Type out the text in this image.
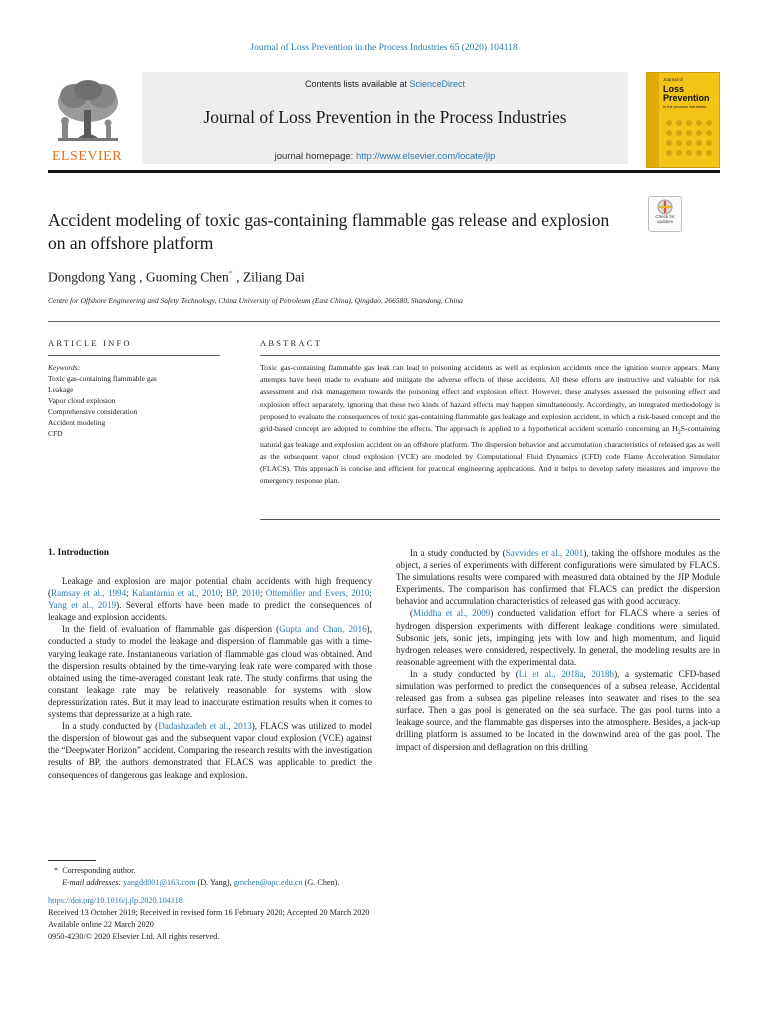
Journal of Loss Prevention in the Process Industries 65 (2020) 104118
ELSEVIER
Contents lists available at ScienceDirect
Journal of Loss Prevention in the Process Industries
journal homepage: http://www.elsevier.com/locate/jlp
Journal of
Loss
Prevention
in the process industries
Check for
updates
Accident modeling of toxic gas-containing flammable gas release and explosion on an offshore platform
Dongdong Yang , Guoming Chen* , Ziliang Dai
Centre for Offshore Engineering and Safety Technology, China University of Petroleum (East China), Qingdao, 266580, Shandong, China
ARTICLE INFO
Keywords:
Toxic gas-containing flammable gas
Leakage
Vapor cloud explosion
Comprehensive consideration
Accident modeling
CFD
ABSTRACT
Toxic gas-containing flammable gas leak can lead to poisoning accidents as well as explosion accidents once the ignition source appears. Many attempts have been made to evaluate and mitigate the adverse effects of these accidents. All these efforts are instructive and valuable for risk assessment and risk management towards the poisoning effect and explosion effect. However, these analyses assessed the poisoning effect and explosion effect separately, ignoring that these two kinds of hazard effects may happen simultaneously. Accordingly, an integrated methodology is proposed to evaluate the consequences of toxic gas-containing flammable gas leakage and explosion accident, in which a risk-based concept and the grid-based concept are adopted to combine the effects. The approach is applied to a hypothetical accident scenario concerning an $H_2S$-containing natural gas leakage and explosion accident on an offshore platform. The dispersion behavior and accumulation characteristics of released gas as well as the subsequent vapor cloud explosion (VCE) are modeled by Computational Fluid Dynamics (CFD) code Flame Acceleration Simulator (FLACS). This approach is concise and efficient for practical engineering applications. And it helps to develop safety measures and improve the emergency response plan.
1. Introduction

Leakage and explosion are major potential chain accidents with high frequency (Ramsay et al., 1994; Kalantarnia et al., 2010; BP, 2010; Ottemöller and Evers, 2010; Yang et al., 2019). Several efforts have been made to predict the consequences of leakage and explosion accidents.

In the field of evaluation of flammable gas dispersion (Gupta and Chan, 2016), conducted a study to model the leakage and dispersion of flammable gas with a time-varying leakage rate. Instantaneous variation of flammable gas cloud was obtained. And the dispersion results obtained by the time-varying leak rate were compared with those obtained using the time-averaged constant leak rate. The study confirms that using the constant leakage rate may be relatively reasonable for systems with slow depressurization rates. But it may lead to inaccurate estimation results when it comes to systems that depressurize at a high rate.

In a study conducted by (Dadashzadeh et al., 2013), FLACS was utilized to model the dispersion of blowout gas and the subsequent vapor cloud explosion (VCE) against the “Deepwater Horizon” accident. Comparing the research results with the investigation results of BP, the authors demonstrated that FLACS was applicable to predict the consequences of dangerous gas leakage and explosion.

In a study conducted by (Savvides et al., 2001), taking the offshore modules as the object, a series of experiments with different configurations were simulated by FLACS. The simulations results were compared with measured data obtained by the JIP Module Experiments. The comparison has confirmed that FLACS can predict the dispersion behavior and accumulation characteristics of released gas with good accuracy.

(Middha et al., 2009) conducted validation effort for FLACS where a series of hydrogen dispersion experiments with different leakage conditions were simulated. Subsonic jets, sonic jets, impinging jets with low and high momentum, and liquid hydrogen releases were considered, respectively. In general, the modeling results are in reasonable agreement with the experimental data.

In a study conducted by (Li et al., 2018a, 2018b), a systematic CFD-based simulation was performed to predict the consequences of a subsea release. Accidental released gas from a subsea gas pipeline releases into seawater and rises to the sea surface. Then a gas pool is generated on the sea surface. The gas pool turns into a leakage source, and the flammable gas disperses into the atmosphere. Besides, a jack-up drilling platform is assumed to be located in the downwind area of the gas pool. The impact of dispersion and deflagration on this drilling

* Corresponding author.
E-mail addresses: yangdd001@163.com (D. Yang), gmchen@upc.edu.cn (G. Chen).
https://doi.org/10.1016/j.jlp.2020.104118
Received 13 October 2019; Received in revised form 16 February 2020; Accepted 20 March 2020
Available online 22 March 2020
0950-4230/© 2020 Elsevier Ltd. All rights reserved.
